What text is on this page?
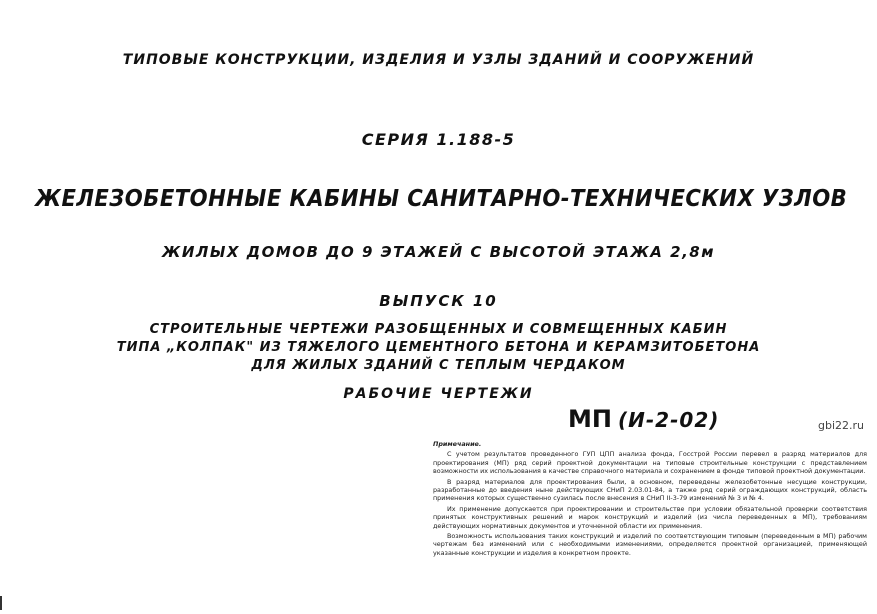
ТИПОВЫЕ КОНСТРУКЦИИ, ИЗДЕЛИЯ И УЗЛЫ ЗДАНИЙ И СООРУЖЕНИЙ
СЕРИЯ 1.188-5
ЖЕЛЕЗОБЕТОННЫЕ КАБИНЫ САНИТАРНО-ТЕХНИЧЕСКИХ УЗЛОВ
ЖИЛЫХ ДОМОВ ДО 9 ЭТАЖЕЙ С ВЫСОТОЙ ЭТАЖА 2,8м
ВЫПУСК 10
СТРОИТЕЛЬНЫЕ ЧЕРТЕЖИ РАЗОБЩЕННЫХ И СОВМЕЩЕННЫХ КАБИН
ТИПА „КОЛПАК" ИЗ ТЯЖЕЛОГО ЦЕМЕНТНОГО БЕТОНА И КЕРАМЗИТОБЕТОНА
ДЛЯ ЖИЛЫХ ЗДАНИЙ С ТЕПЛЫМ ЧЕРДАКОМ
РАБОЧИЕ ЧЕРТЕЖИ
МП (И-2-02)	gbi22.ru

Примечание.

С учетом результатов проведенного ГУП ЦПП анализа фонда, Госстрой России перевел в разряд материалов для проектирования (МП) ряд серий проектной документации на типовые строительные конструкции с представлением возможности их использования в качестве справочного материала и сохранением в фонде типовой проектной документации.

В разряд материалов для проектирования были, в основном, переведены железобетонные несущие конструкции, разработанные до введения ныне действующих СНиП 2.03.01-84, а также ряд серий ограждающих конструкций, область применения которых существенно сузилась после внесения в СНиП II-3-79 изменений № 3 и № 4.

Их применение допускается при проектировании и строительстве при условии обязательной проверки соответствия принятых конструктивных решений и марок конструкций и изделий (из числа переведенных в МП), требованиям действующих нормативных документов и уточненной области их применения.

Возможность использования таких конструкций и изделий по соответствующим типовым (переведенным в МП) рабочим чертежам без изменений или с необходимыми изменениями, определяется проектной организацией, применяющей указанные конструкции и изделия в конкретном проекте.
